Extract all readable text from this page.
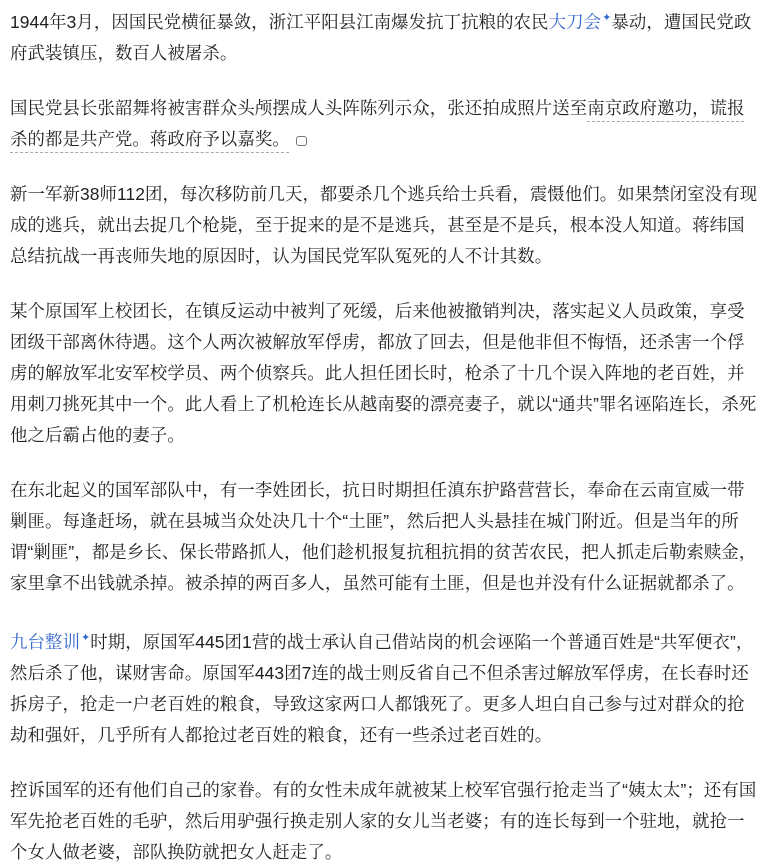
1944年3月，因国民党横征暴敛，浙江平阳县江南爆发抗丁抗粮的农民大刀会✦暴动，遭国民党政府武装镇压，数百人被屠杀。

国民党县长张韶舞将被害群众头颅摆成人头阵陈列示众，张还拍成照片送至南京政府邀功，谎报杀的都是共产党。蒋政府予以嘉奖。

新一军新38师112团，每次移防前几天，都要杀几个逃兵给士兵看，震慑他们。如果禁闭室没有现成的逃兵，就出去捉几个枪毙，至于捉来的是不是逃兵，甚至是不是兵，根本没人知道。蒋纬国总结抗战一再丧师失地的原因时，认为国民党军队冤死的人不计其数。

某个原国军上校团长，在镇反运动中被判了死缓，后来他被撤销判决，落实起义人员政策，享受团级干部离休待遇。这个人两次被解放军俘虏，都放了回去，但是他非但不悔悟，还杀害一个俘虏的解放军北安军校学员、两个侦察兵。此人担任团长时，枪杀了十几个误入阵地的老百姓，并用刺刀挑死其中一个。此人看上了机枪连长从越南娶的漂亮妻子，就以“通共”罪名诬陷连长，杀死他之后霸占他的妻子。

在东北起义的国军部队中，有一李姓团长，抗日时期担任滇东护路营营长，奉命在云南宣威一带剿匪。每逢赶场，就在县城当众处决几十个“土匪”，然后把人头悬挂在城门附近。但是当年的所谓“剿匪”，都是乡长、保长带路抓人，他们趁机报复抗租抗捐的贫苦农民，把人抓走后勒索赎金，家里拿不出钱就杀掉。被杀掉的两百多人，虽然可能有土匪，但是也并没有什么证据就都杀了。

九台整训✦时期，原国军445团1营的战士承认自己借站岗的机会诬陷一个普通百姓是“共军便衣”，然后杀了他，谋财害命。原国军443团7连的战士则反省自己不但杀害过解放军俘虏，在长春时还拆房子，抢走一户老百姓的粮食，导致这家两口人都饿死了。更多人坦白自己参与过对群众的抢劫和强奸，几乎所有人都抢过老百姓的粮食，还有一些杀过老百姓的。

控诉国军的还有他们自己的家眷。有的女性未成年就被某上校军官强行抢走当了“姨太太”；还有国军先抢老百姓的毛驴，然后用驴强行换走别人家的女儿当老婆；有的连长每到一个驻地，就抢一个女人做老婆，部队换防就把女人赶走了。
